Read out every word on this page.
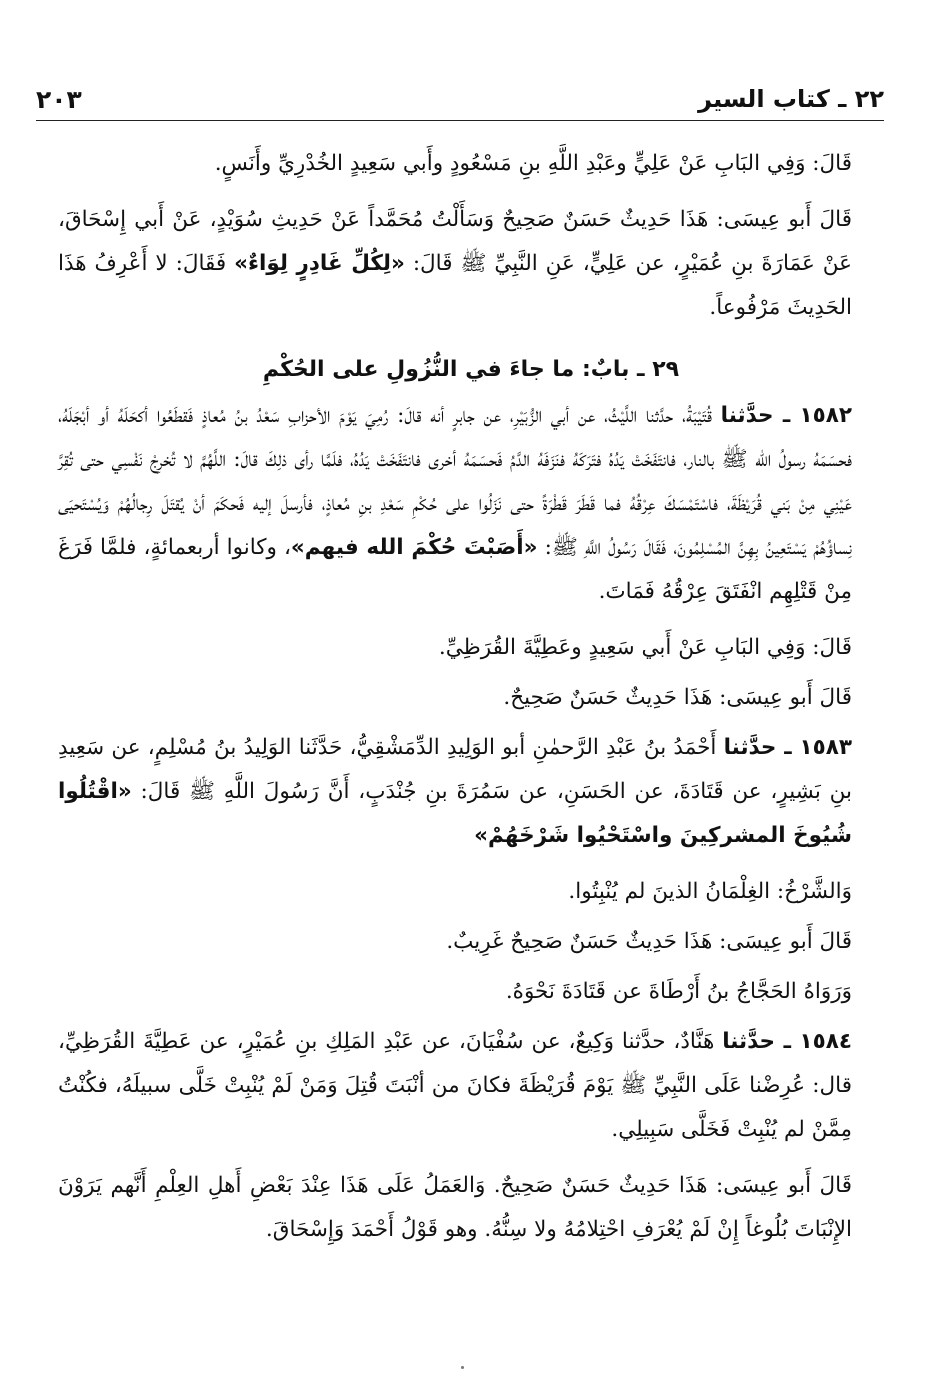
٢٢ ـ كتاب السير
٢٠٣

قَالَ: وَفِي البَابِ عَنْ عَلِيٍّ وعَبْدِ اللَّهِ بنِ مَسْعُودٍ وأَبي سَعِيدٍ الخُدْرِيِّ وأَنَسٍ.

قَالَ أَبو عِيسَى: هَذَا حَدِيثٌ حَسَنٌ صَحِيحٌ وَسَأَلْتُ مُحَمَّداً عَنْ حَدِيثِ سُوَيْدٍ، عَنْ أَبي إِسْحَاقَ، عَنْ عَمَارَةَ بنِ عُمَيْرٍ، عن عَلِيٍّ، عَنِ النَّبِيِّ ﷺ قَالَ: «لِكُلِّ غَادِرٍ لِوَاءٌ» فَقَالَ: لا أَعْرِفُ هَذَا الحَدِيثَ مَرْفُوعاً.

٢٩ ـ بابٌ: ما جاءَ في النُّزُولِ على الحُكْمِ

١٥٨٢ ـ حدَّثنا قُتَيْبَةُ، حدَّثنا اللَّيْثُ، عن أبي الزُّبَيْرِ، عن جابرٍ أنه قالَ: رُمِيَ يَوْمَ الأحزابِ سَعْدُ بنُ مُعاذٍ فَقطَعُوا أكحَلَهُ أو أبْجَلَهُ، فحسَمَهُ رسولُ الله ﷺ بالنار، فانتَفَخَتْ يَدُهُ فتَرَكَهُ فنَزَفَهُ الدَّمُ فَحسَمَهُ أخرى فانتَفَخَتْ يَدُهُ، فلَمَّا رأى ذلِكَ قالَ: اللَّهُمَّ لا تُخرِجْ نَفْسِي حتى تُقِرَّ عَيْنِي مِنْ بَني قُرَيْظَةَ، فاسْتَمْسَكَ عِرْقُهُ فما قَطَرَ قَطْرَةً حتى نَزَلُوا على حُكْمِ سَعْدِ بنِ مُعاذٍ، فأرسلَ إليه فَحكَمَ أنْ يُقتَلَ رِجالُهُمْ وَيُسْتَحيَى نِساؤُهُمْ يَسْتَعِينُ بِهِنَّ المُسْلِمُونَ، فَقَالَ رَسُولُ اللَّهِ ﷺ: «أَصَبْتَ حُكْمَ الله فيهم»، وكانوا أربعمائةٍ، فلمَّا فَرَغَ مِنْ قَتْلِهِم انْفَتَقَ عِرْقُهُ فَمَاتَ.

قَالَ: وَفِي البَابِ عَنْ أَبي سَعِيدٍ وعَطِيَّةَ القُرَظِيِّ.

قَالَ أَبو عِيسَى: هَذَا حَدِيثٌ حَسَنٌ صَحِيحٌ.

١٥٨٣ ـ حدَّثنا أَحْمَدُ بنُ عَبْدِ الرَّحمٰنِ أبو الوَلِيدِ الدِّمَشْقِيُّ، حَدَّثَنا الوَلِيدُ بنُ مُسْلِمٍ، عن سَعِيدِ بنِ بَشِيرٍ، عن قَتَادَةَ، عن الحَسَنِ، عن سَمُرَةَ بنِ جُنْدَبٍ، أَنَّ رَسُولَ اللَّهِ ﷺ قَالَ: «اقْتُلُوا شُيُوخَ المشركِينَ واسْتَحْيُوا شَرْخَهُمْ»

وَالشَّرْخُ: الغِلْمَانُ الذينَ لم يُنْبِتُوا.

قَالَ أَبو عِيسَى: هَذَا حَدِيثٌ حَسَنٌ صَحِيحٌ غَرِيبٌ.

وَرَوَاهُ الحَجَّاجُ بنُ أَرْطَاةَ عن قَتَادَةَ نَحْوَهُ.

١٥٨٤ ـ حدَّثنا هَنَّادٌ، حدَّثنا وَكِيعٌ، عن سُفْيَانَ، عن عَبْدِ المَلِكِ بنِ عُمَيْرٍ، عن عَطِيَّةَ القُرَظِيِّ، قال: عُرِضْنا عَلَى النَّبِيِّ ﷺ يَوْمَ قُرَيْظَةَ فكانَ من أنْبَتَ قُتِلَ وَمَنْ لَمْ يُنْبِتْ خَلَّى سبيلَهُ، فكُنْتُ مِمَّنْ لم يُنْبِتْ فَخَلَّى سَبِيلِي.

قَالَ أَبو عِيسَى: هَذَا حَدِيثٌ حَسَنٌ صَحِيحٌ. وَالعَمَلُ عَلَى هَذَا عِنْدَ بَعْضِ أَهلِ العِلْمِ أَنَّهم يَرَوْنَ الإِنْبَاتَ بُلُوغاً إِنْ لَمْ يُعْرَفِ احْتِلامُهُ ولا سِنُّهُ. وهو قَوْلُ أَحْمَدَ وَإِسْحَاقَ.
